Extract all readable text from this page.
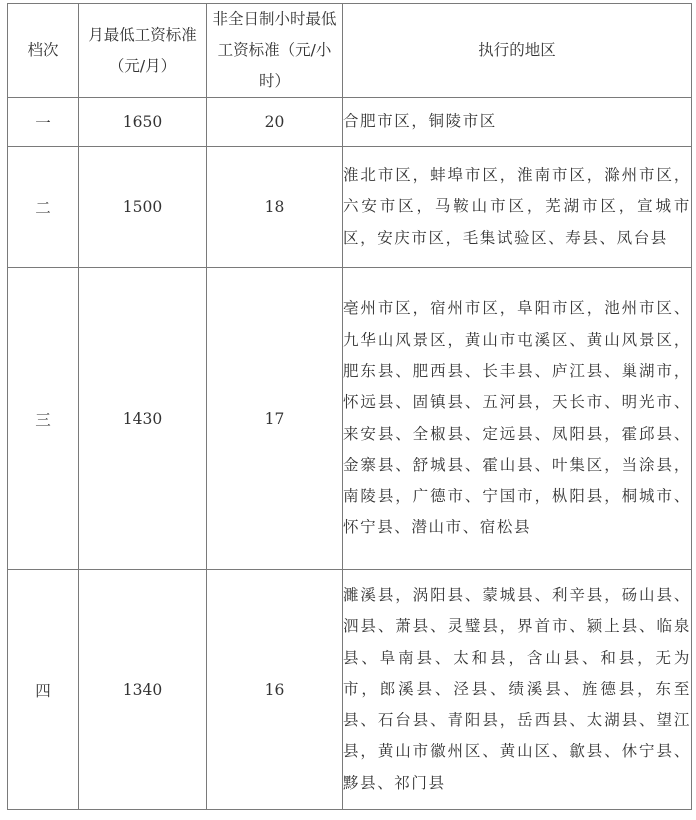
档次	月最低工资标准（元/月）	非全日制小时最低工资标准（元/小时）	执行的地区
一	1650	20	合肥市区，铜陵市区

二	1500	18	淮北市区，蚌埠市区，淮南市区，滁州市区，六安市区，马鞍山市区，芜湖市区，宣城市区，安庆市区，毛集试验区、寿县、凤台县

三	1430	17	亳州市区，宿州市区，阜阳市区，池州市区、九华山风景区，黄山市屯溪区、黄山风景区，肥东县、肥西县、长丰县、庐江县、巢湖市，怀远县、固镇县、五河县，天长市、明光市、来安县、全椒县、定远县、凤阳县，霍邱县、金寨县、舒城县、霍山县、叶集区，当涂县，南陵县，广德市、宁国市，枞阳县，桐城市、怀宁县、潜山市、宿松县

四	1340	16	濉溪县，涡阳县、蒙城县、利辛县，砀山县、泗县、萧县、灵璧县，界首市、颍上县、临泉县、阜南县、太和县，含山县、和县，无为市，郎溪县、泾县、绩溪县、旌德县，东至县、石台县、青阳县，岳西县、太湖县、望江县，黄山市徽州区、黄山区、歙县、休宁县、黟县、祁门县
